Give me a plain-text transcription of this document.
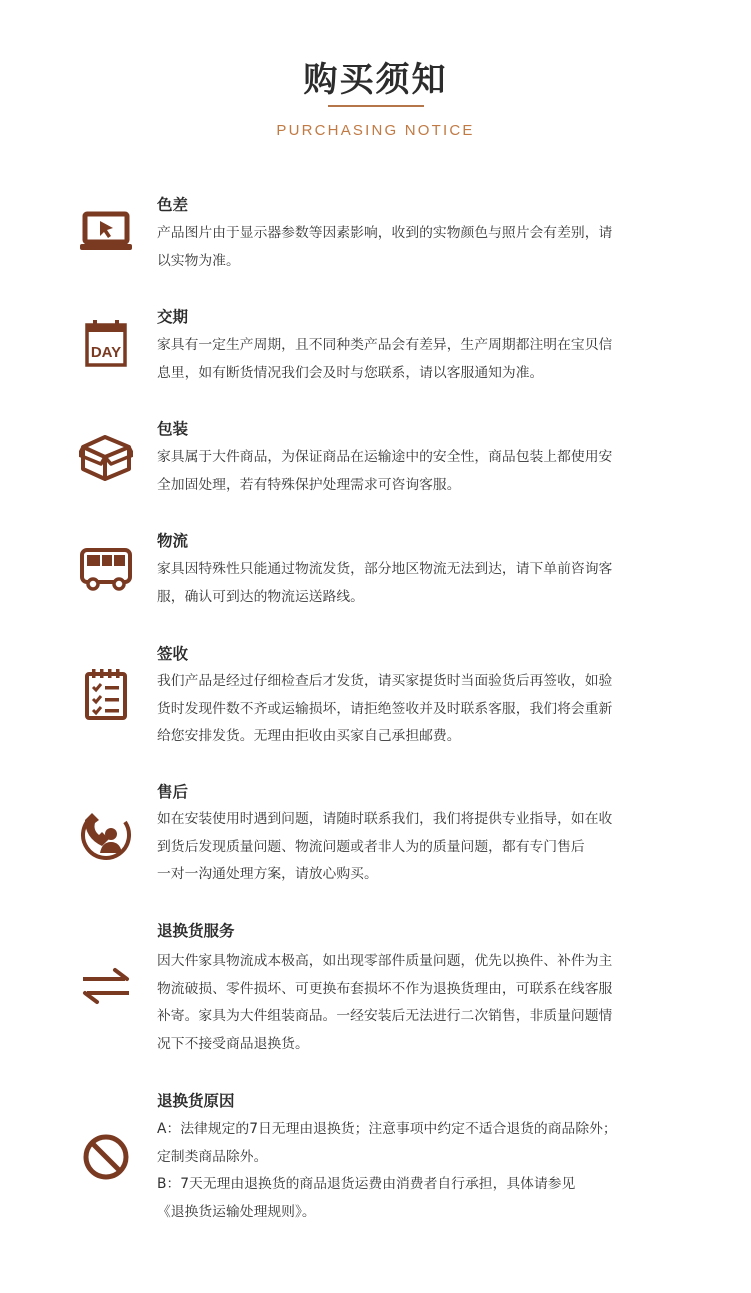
购买须知
PURCHASING NOTICE
色差
产品图片由于显示器参数等因素影响，收到的实物颜色与照片会有差别，请
以实物为准。
DAY
交期
家具有一定生产周期，且不同种类产品会有差异，生产周期都注明在宝贝信
息里，如有断货情况我们会及时与您联系，请以客服通知为准。
包装
家具属于大件商品，为保证商品在运输途中的安全性，商品包装上都使用安
全加固处理，若有特殊保护处理需求可咨询客服。
物流
家具因特殊性只能通过物流发货，部分地区物流无法到达，请下单前咨询客
服，确认可到达的物流运送路线。
签收
我们产品是经过仔细检查后才发货，请买家提货时当面验货后再签收，如验
货时发现件数不齐或运输损坏，请拒绝签收并及时联系客服，我们将会重新
给您安排发货。无理由拒收由买家自己承担邮费。
售后
如在安装使用时遇到问题，请随时联系我们，我们将提供专业指导，如在收
到货后发现质量问题、物流问题或者非人为的质量问题，都有专门售后
一对一沟通处理方案，请放心购买。
退换货服务
因大件家具物流成本极高，如出现零部件质量问题，优先以换件、补件为主
物流破损、零件损坏、可更换布套损坏不作为退换货理由，可联系在线客服
补寄。家具为大件组装商品。一经安装后无法进行二次销售，非质量问题情
况下不接受商品退换货。
退换货原因
A：法律规定的7日无理由退换货；注意事项中约定不适合退货的商品除外；
定制类商品除外。
B：7天无理由退换货的商品退货运费由消费者自行承担，具体请参见
《退换货运输处理规则》。
